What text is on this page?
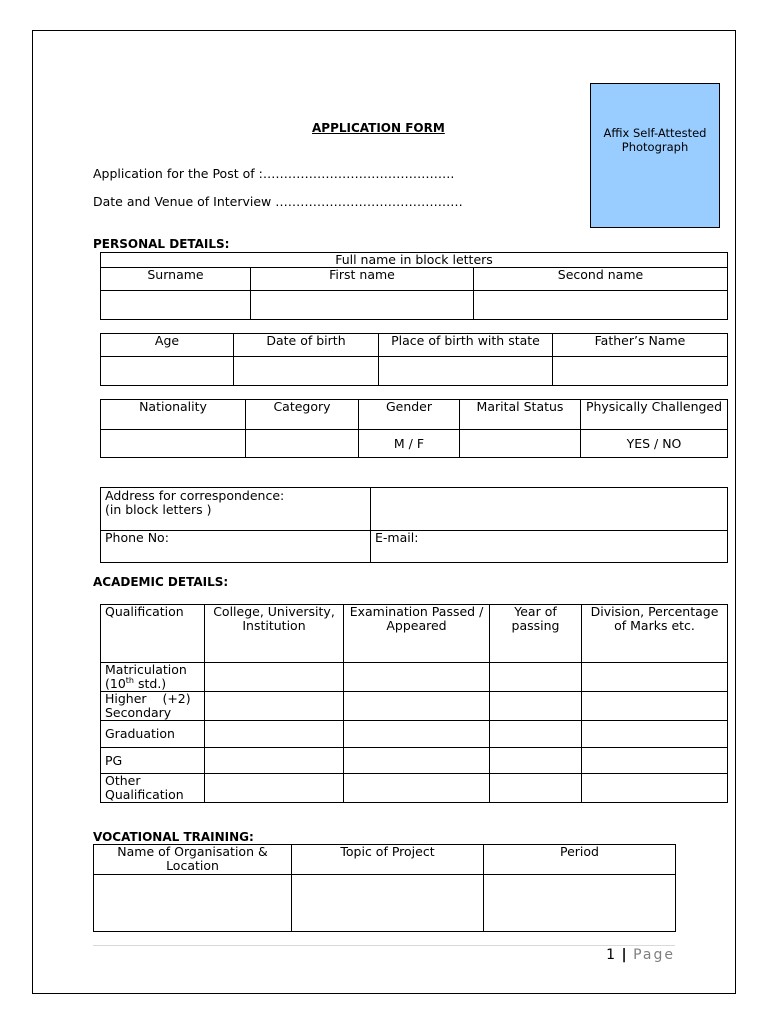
Affix Self-Attested
Photograph
APPLICATION FORM
Application for the Post of :……………………………………….
Date and Venue of Interview ………………………………………
PERSONAL DETAILS:
Full name in block letters		
Surname	First name	Second name

Age	Date of birth	Place of birth with state	Father’s Name

Nationality	Category	Gender	Marital Status	Physically Challenged
		M / F		YES / NO
Address for correspondence:
(in block letters )	

Phone No:	E-mail:
ACADEMIC DETAILS:
Qualification	College, University, Institution	Examination Passed / Appeared	Year of passing	Division, Percentage of Marks etc.

Matriculation
(10th std.)				

Higher    (+2)
Secondary				

Graduation				
PG				

Other
Qualification				

VOCATIONAL TRAINING:
Name of Organisation & Location	Topic of Project	Period

1 | Page
